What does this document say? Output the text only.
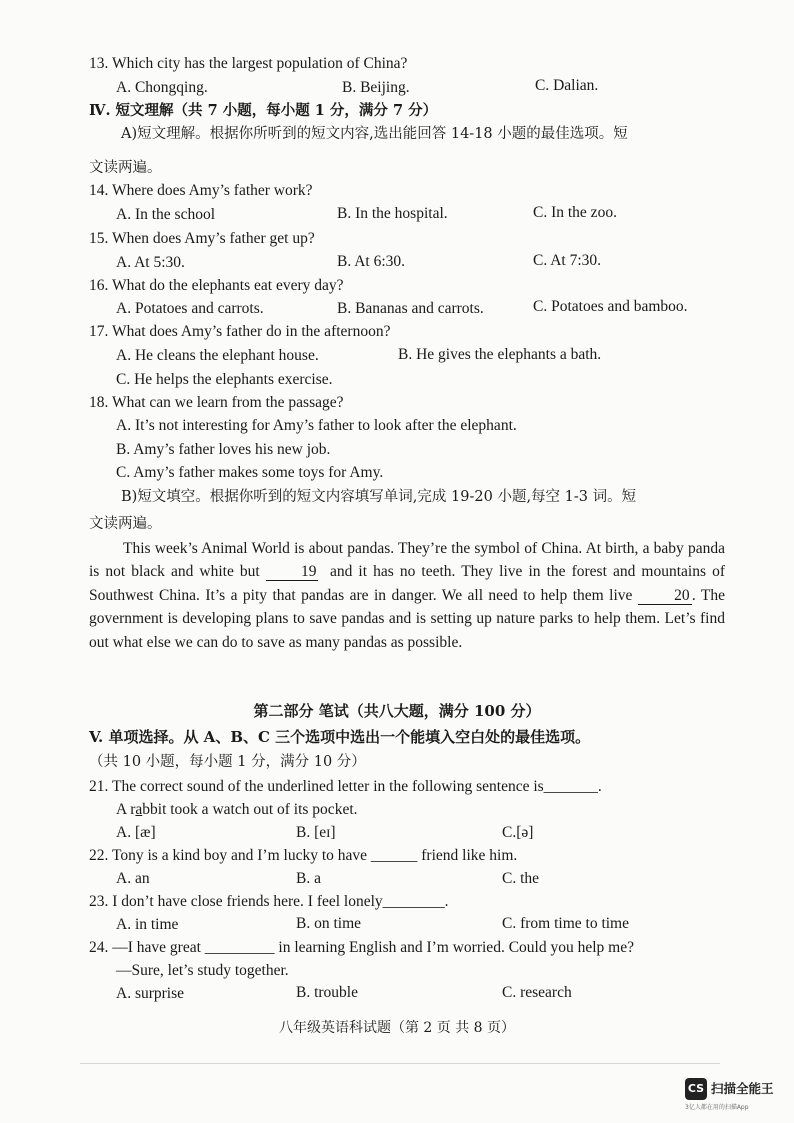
13. Which city has the largest population of China?
A. Chongqing.	B. Beijing.	C. Dalian.
Ⅳ. 短文理解（共 7 小题，每小题 1 分，满分 7 分）
A)短文理解。根据你所听到的短文内容,选出能回答 14-18 小题的最佳选项。短
文读两遍。
14. Where does Amy’s father work?
A. In the school	B. In the hospital.	C. In the zoo.
15. When does Amy’s father get up?
A. At 5:30.	B. At 6:30.	C. At 7:30.
16. What do the elephants eat every day?
A. Potatoes and carrots.	B. Bananas and carrots.	C. Potatoes and bamboo.
17. What does Amy’s father do in the afternoon?
A. He cleans the elephant house.	B. He gives the elephants a bath.
C. He helps the elephants exercise.
18. What can we learn from the passage?
A. It’s not interesting for Amy’s father to look after the elephant.
B. Amy’s father loves his new job.
C. Amy’s father makes some toys for Amy.
B)短文填空。根据你听到的短文内容填写单词,完成 19-20 小题,每空 1-3 词。短
文读两遍。
This week’s Animal World is about pandas. They’re the symbol of China. At birth, a baby panda is not black and white but	19 and it has no teeth. They live in the forest and mountains of Southwest China. It’s a pity that pandas are in danger. We all need to help them live	20 . The government is developing plans to save pandas and is setting up nature parks to help them. Let’s find out what else we can do to save as many pandas as possible.
第二部分 笔试（共八大题，满分 100 分）
V. 单项选择。从 A、B、C 三个选项中选出一个能填入空白处的最佳选项。
（共 10 小题，每小题 1 分，满分 10 分）
21. The correct sound of the underlined letter in the following sentence is_______.
A rabbit took a watch out of its pocket.
A. [æ]	B. [eɪ]	C.[ə]
22. Tony is a kind boy and I’m lucky to have ______ friend like him.
A. an	B. a	C. the
23. I don’t have close friends here. I feel lonely________.
A. in time	B. on time	C. from time to time
24. —I have great _________ in learning English and I’m worried. Could you help me?
—Sure, let’s study together.
A. surprise	B. trouble	C. research
八年级英语科试题（第 2 页 共 8 页）
CS 扫描全能王
3亿人都在用的扫描App
